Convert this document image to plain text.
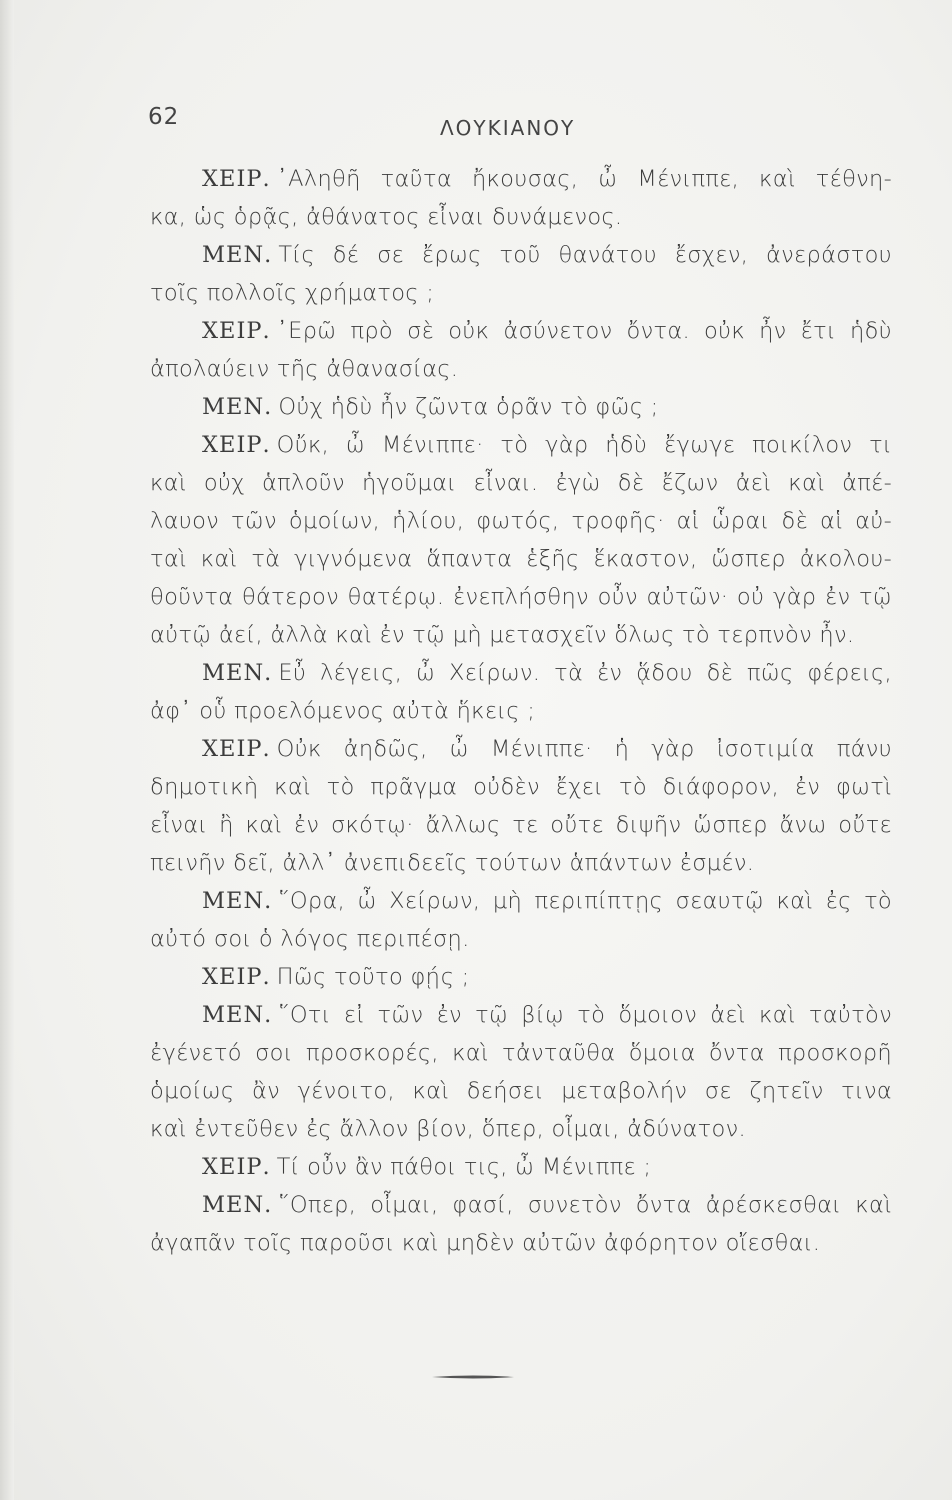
62	ΛΟΥΚΙΑΝΟΥ
ΧΕΙΡ. ᾿Αληθῆ ταῦτα ἤκουσας, ὦ Μένιππε, καὶ τέθνη-
κα, ὡς ὁρᾷς, ἀθάνατος εἶναι δυνάμενος.
ΜΕΝ. Τίς δέ σε ἔρως τοῦ θανάτου ἔσχεν, ἀνεράστου
τοῖς πολλοῖς χρήματος ;
ΧΕΙΡ. ᾿Ερῶ πρὸ σὲ οὐκ ἀσύνετον ὄντα. οὐκ ἦν ἔτι ἡδὺ
ἀπολαύειν τῆς ἀθανασίας.
ΜΕΝ. Οὐχ ἡδὺ ἦν ζῶντα ὁρᾶν τὸ φῶς ;
ΧΕΙΡ. Οὔκ, ὦ Μένιππε· τὸ γὰρ ἡδὺ ἔγωγε ποικίλον τι
καὶ οὐχ ἁπλοῦν ἡγοῦμαι εἶναι. ἐγὼ δὲ ἔζων ἀεὶ καὶ ἀπέ-
λαυον τῶν ὁμοίων, ἡλίου, φωτός, τροφῆς· αἱ ὧραι δὲ αἱ αὐ-
ταὶ καὶ τὰ γιγνόμενα ἅπαντα ἑξῆς ἕκαστον, ὥσπερ ἀκολου-
θοῦντα θάτερον θατέρῳ. ἐνεπλήσθην οὖν αὐτῶν· οὐ γὰρ ἐν τῷ
αὐτῷ ἀεί, ἀλλὰ καὶ ἐν τῷ μὴ μετασχεῖν ὅλως τὸ τερπνὸν ἦν.
ΜΕΝ. Εὖ λέγεις, ὦ Χείρων. τὰ ἐν ᾅδου δὲ πῶς φέρεις,
ἀφ᾿ οὗ προελόμενος αὐτὰ ἥκεις ;
ΧΕΙΡ. Οὐκ ἀηδῶς, ὦ Μένιππε· ἡ γὰρ ἰσοτιμία πάνυ
δημοτικὴ καὶ τὸ πρᾶγμα οὐδὲν ἔχει τὸ διάφορον, ἐν φωτὶ
εἶναι ἢ καὶ ἐν σκότῳ· ἄλλως τε οὔτε διψῆν ὥσπερ ἄνω οὔτε
πεινῆν δεῖ, ἀλλ᾿ ἀνεπιδεεῖς τούτων ἁπάντων ἐσμέν.
ΜΕΝ. ῞Ορα, ὦ Χείρων, μὴ περιπίπτῃς σεαυτῷ καὶ ἐς τὸ
αὐτό σοι ὁ λόγος περιπέσῃ.
ΧΕΙΡ. Πῶς τοῦτο φῄς ;
ΜΕΝ. ῞Οτι εἰ τῶν ἐν τῷ βίῳ τὸ ὅμοιον ἀεὶ καὶ ταὐτὸν
ἐγένετό σοι προσκορές, καὶ τἀνταῦθα ὅμοια ὄντα προσκορῆ
ὁμοίως ἂν γένοιτο, καὶ δεήσει μεταβολήν σε ζητεῖν τινα
καὶ ἐντεῦθεν ἐς ἄλλον βίον, ὅπερ, οἶμαι, ἀδύνατον.
ΧΕΙΡ. Τί οὖν ἂν πάθοι τις, ὦ Μένιππε ;
ΜΕΝ. ῞Οπερ, οἶμαι, φασί, συνετὸν ὄντα ἀρέσκεσθαι καὶ
ἀγαπᾶν τοῖς παροῦσι καὶ μηδὲν αὐτῶν ἀφόρητον οἴεσθαι.
